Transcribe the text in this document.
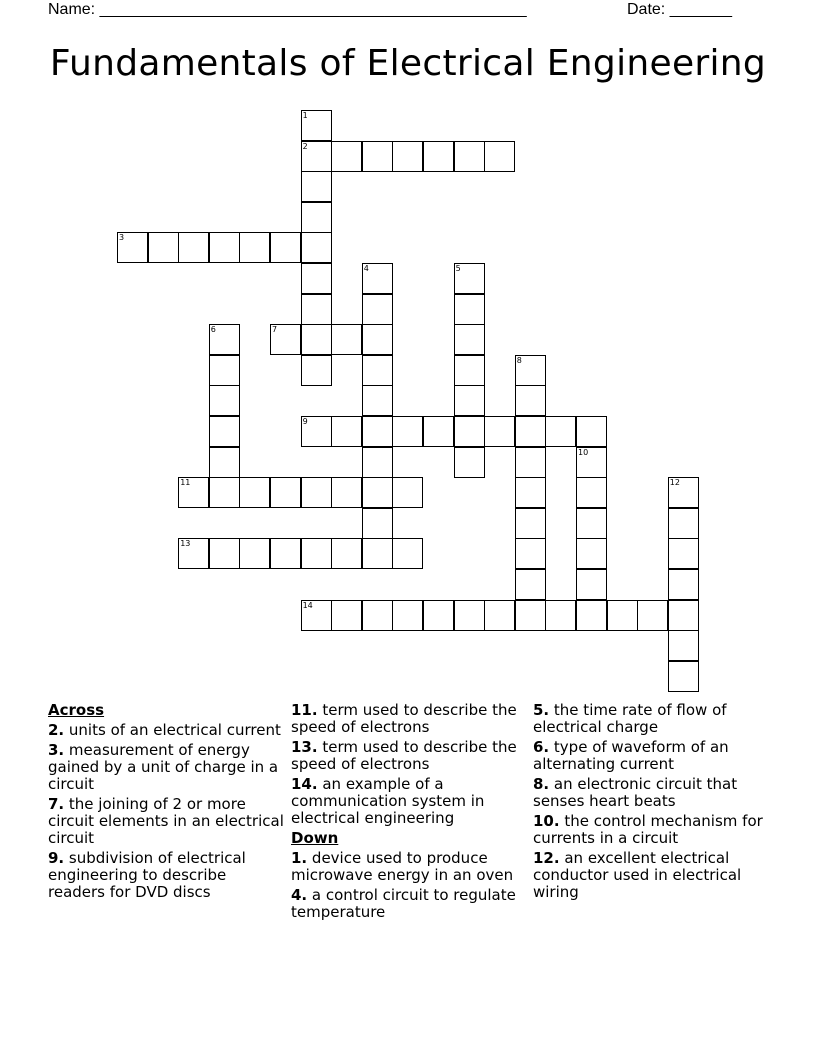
Name: ________________________________________________	Date: _______
Fundamentals of Electrical Engineering
1
2
3
4	5
6	7
8
9
10
11	12
13
14
Across
2. units of an electrical current
3. measurement of energy gained by a unit of charge in a circuit
7. the joining of 2 or more circuit elements in an electrical circuit
9. subdivision of electrical engineering to describe readers for DVD discs
11. term used to describe the speed of electrons
13. term used to describe the speed of electrons
14. an example of a communication system in electrical engineering
Down
1. device used to produce microwave energy in an oven
4. a control circuit to regulate temperature
5. the time rate of flow of electrical charge
6. type of waveform of an alternating current
8. an electronic circuit that senses heart beats
10. the control mechanism for currents in a circuit
12. an excellent electrical conductor used in electrical wiring
